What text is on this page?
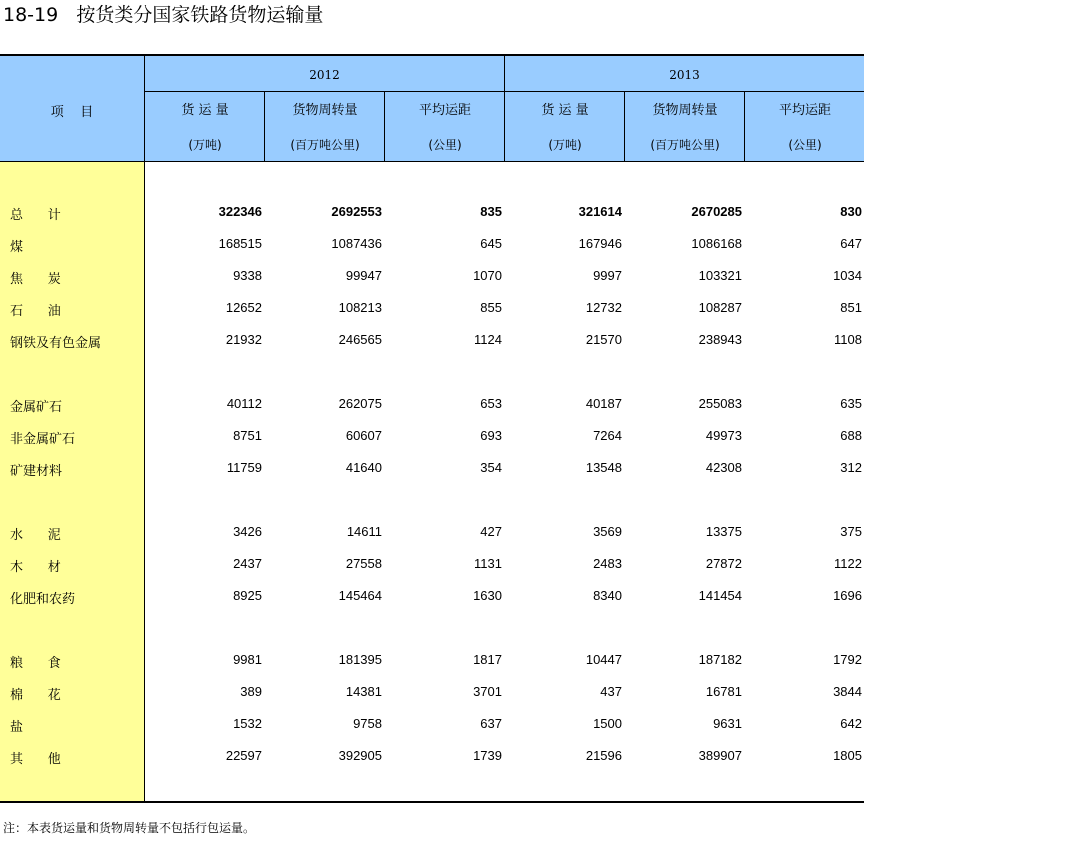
18-19   按货类分国家铁路货物运输量
项    目
2012	2013
货 运 量	货物周转量	平均运距	货 运 量	货物周转量	平均运距
(万吨)	(百万吨公里)	(公里)	(万吨)	(百万吨公里)	(公里)
总      计	322346	2692553	835	321614	2670285	830
煤	168515	1087436	645	167946	1086168	647
焦      炭	9338	99947	1070	9997	103321	1034
石      油	12652	108213	855	12732	108287	851
钢铁及有色金属	21932	246565	1124	21570	238943	1108
金属矿石	40112	262075	653	40187	255083	635
非金属矿石	8751	60607	693	7264	49973	688
矿建材料	11759	41640	354	13548	42308	312
水      泥	3426	14611	427	3569	13375	375
木      材	2437	27558	1131	2483	27872	1122
化肥和农药	8925	145464	1630	8340	141454	1696
粮      食	9981	181395	1817	10447	187182	1792
棉      花	389	14381	3701	437	16781	3844
盐	1532	9758	637	1500	9631	642
其      他	22597	392905	1739	21596	389907	1805
注：本表货运量和货物周转量不包括行包运量。
